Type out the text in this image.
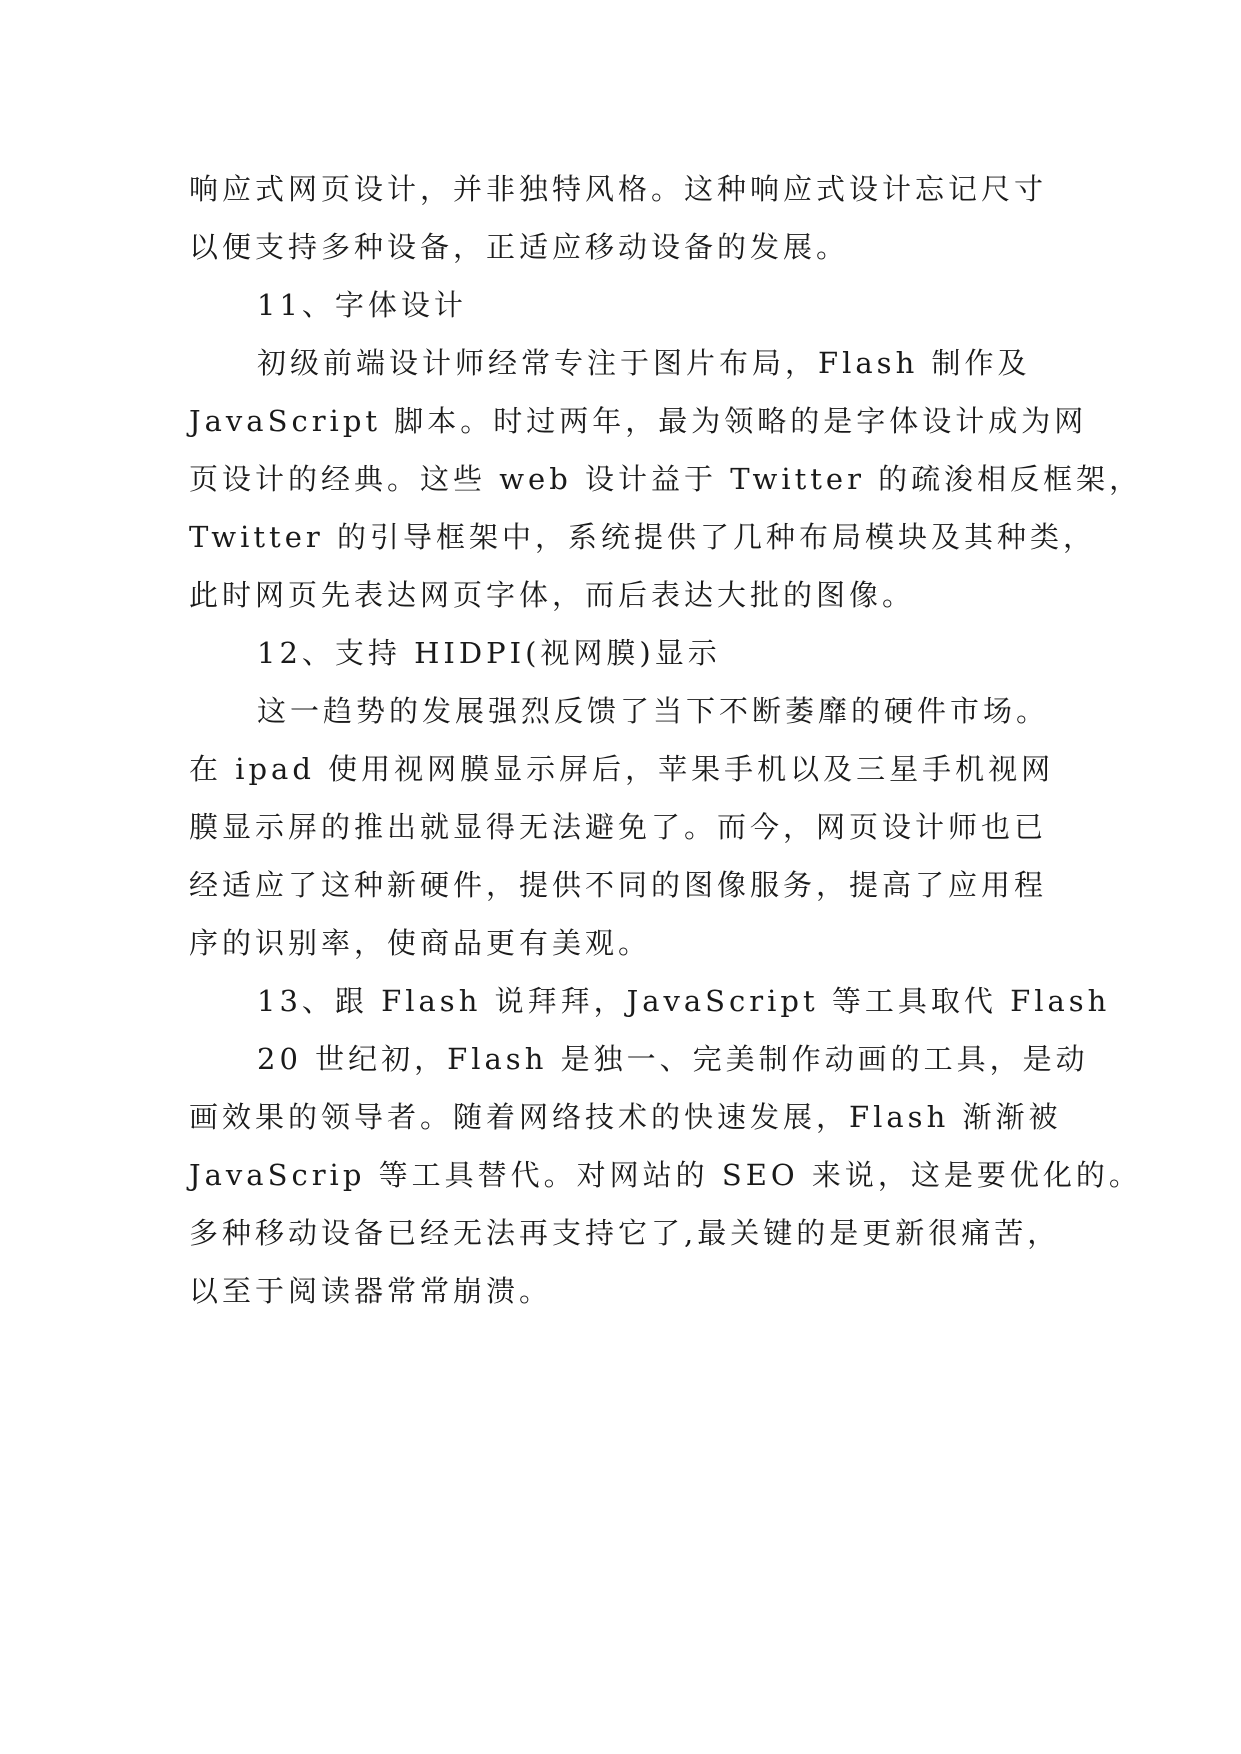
响应式网页设计，并非独特风格。这种响应式设计忘记尺寸
以便支持多种设备，正适应移动设备的发展。
11、字体设计
初级前端设计师经常专注于图片布局，Flash 制作及
JavaScript 脚本。时过两年，最为领略的是字体设计成为网
页设计的经典。这些 web 设计益于 Twitter 的疏浚相反框架，
Twitter 的引导框架中，系统提供了几种布局模块及其种类，
此时网页先表达网页字体，而后表达大批的图像。
12、支持 HIDPI(视网膜)显示
这一趋势的发展强烈反馈了当下不断萎靡的硬件市场。
在 ipad 使用视网膜显示屏后，苹果手机以及三星手机视网
膜显示屏的推出就显得无法避免了。而今，网页设计师也已
经适应了这种新硬件，提供不同的图像服务，提高了应用程
序的识别率，使商品更有美观。
13、跟 Flash 说拜拜，JavaScript 等工具取代 Flash
20 世纪初，Flash 是独一、完美制作动画的工具，是动
画效果的领导者。随着网络技术的快速发展，Flash 渐渐被
JavaScrip 等工具替代。对网站的 SEO 来说，这是要优化的。
多种移动设备已经无法再支持它了,最关键的是更新很痛苦，
以至于阅读器常常崩溃。
